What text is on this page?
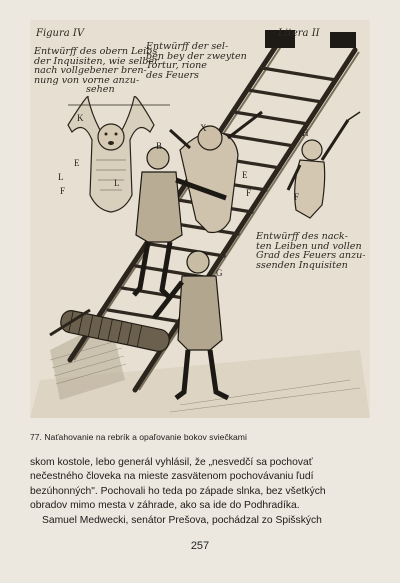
Figura IV	Litera II
Entwürff des obern Leibs
der Inquisiten, wie selber
nach vollgebener bren-
nung von vorne anzu-
sehen
Entwürff der sel-
ben bey der zweyten
Tortur, rione
des Feuers
Entwürff des nack-
ten Leiben und vollen
Grad des Feuers anzu-
ssenden Inquisiten
K
B
X	H
L
L
E
F
E
F	F
G
77. Naťahovanie na rebrík a opaľovanie bokov sviečkami
skom kostole, lebo generál vyhlásil, že „nesvedčí sa pochovať
nečestného človeka na mieste zasvätenom pochovávaniu ľudí
bezúhonných". Pochovali ho teda po západe slnka, bez všetkých
obradov mimo mesta v záhrade, ako sa ide do Podhradíka.
Samuel Medwecki, senátor Prešova, pochádzal zo Spišských
257
